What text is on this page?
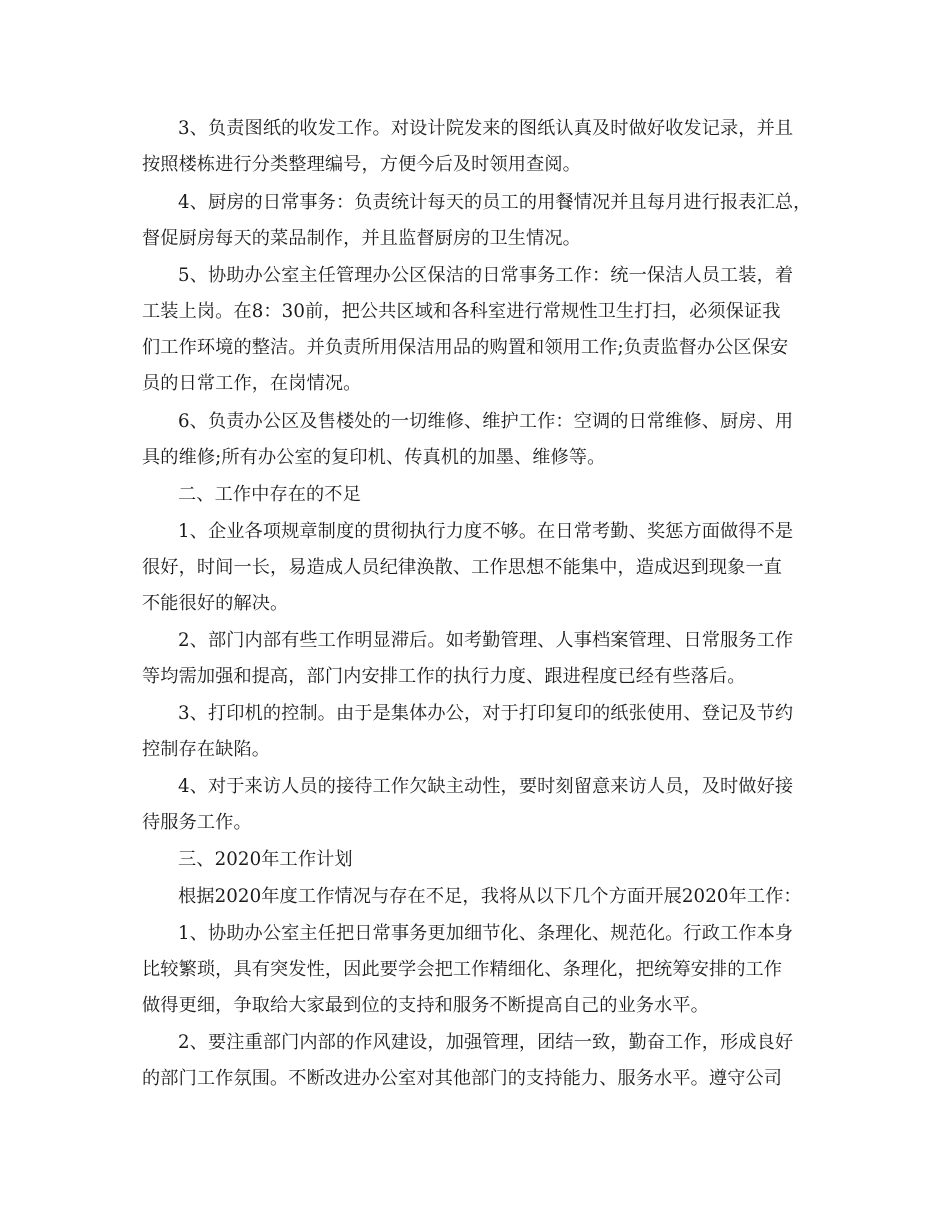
3、负责图纸的收发工作。对设计院发来的图纸认真及时做好收发记录，并且
按照楼栋进行分类整理编号，方便今后及时领用查阅。
4、厨房的日常事务：负责统计每天的员工的用餐情况并且每月进行报表汇总，
督促厨房每天的菜品制作，并且监督厨房的卫生情况。
5、协助办公室主任管理办公区保洁的日常事务工作：统一保洁人员工装，着
工装上岗。在8：30前，把公共区域和各科室进行常规性卫生打扫，必须保证我
们工作环境的整洁。并负责所用保洁用品的购置和领用工作;负责监督办公区保安
员的日常工作，在岗情况。
6、负责办公区及售楼处的一切维修、维护工作：空调的日常维修、厨房、用
具的维修;所有办公室的复印机、传真机的加墨、维修等。
二、工作中存在的不足
1、企业各项规章制度的贯彻执行力度不够。在日常考勤、奖惩方面做得不是
很好，时间一长，易造成人员纪律涣散、工作思想不能集中，造成迟到现象一直
不能很好的解决。
2、部门内部有些工作明显滞后。如考勤管理、人事档案管理、日常服务工作
等均需加强和提高，部门内安排工作的执行力度、跟进程度已经有些落后。
3、打印机的控制。由于是集体办公，对于打印复印的纸张使用、登记及节约
控制存在缺陷。
4、对于来访人员的接待工作欠缺主动性，要时刻留意来访人员，及时做好接
待服务工作。
三、2020年工作计划
根据2020年度工作情况与存在不足，我将从以下几个方面开展2020年工作：
1、协助办公室主任把日常事务更加细节化、条理化、规范化。行政工作本身
比较繁琐，具有突发性，因此要学会把工作精细化、条理化，把统筹安排的工作
做得更细，争取给大家最到位的支持和服务不断提高自己的业务水平。
2、要注重部门内部的作风建设，加强管理，团结一致，勤奋工作，形成良好
的部门工作氛围。不断改进办公室对其他部门的支持能力、服务水平。遵守公司
